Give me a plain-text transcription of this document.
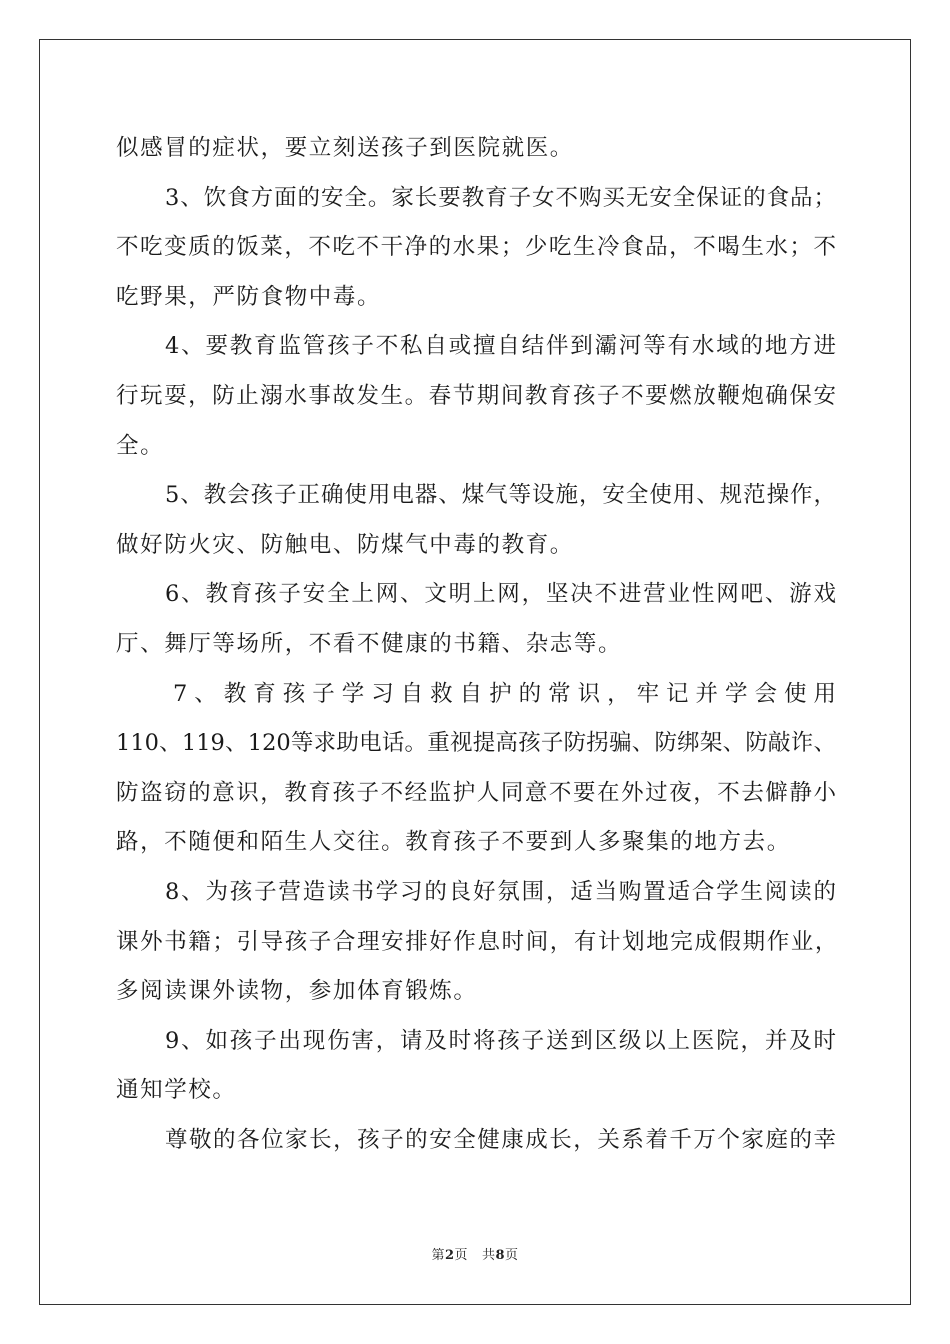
似感冒的症状，要立刻送孩子到医院就医。
3、饮食方面的安全。家长要教育子女不购买无安全保证的食品；
不吃变质的饭菜，不吃不干净的水果；少吃生冷食品，不喝生水；不
吃野果，严防食物中毒。
4、要教育监管孩子不私自或擅自结伴到灞河等有水域的地方进
行玩耍，防止溺水事故发生。春节期间教育孩子不要燃放鞭炮确保安
全。
5、教会孩子正确使用电器、煤气等设施，安全使用、规范操作，
做好防火灾、防触电、防煤气中毒的教育。
6、教育孩子安全上网、文明上网，坚决不进营业性网吧、游戏
厅、舞厅等场所，不看不健康的书籍、杂志等。
7、教育孩子学习自救自护的常识，牢记并学会使用
110、119、120等求助电话。重视提高孩子防拐骗、防绑架、防敲诈、
防盗窃的意识，教育孩子不经监护人同意不要在外过夜，不去僻静小
路，不随便和陌生人交往。教育孩子不要到人多聚集的地方去。
8、为孩子营造读书学习的良好氛围，适当购置适合学生阅读的
课外书籍；引导孩子合理安排好作息时间，有计划地完成假期作业，
多阅读课外读物，参加体育锻炼。
9、如孩子出现伤害，请及时将孩子送到区级以上医院，并及时
通知学校。
尊敬的各位家长，孩子的安全健康成长，关系着千万个家庭的幸
第2页 共8页
